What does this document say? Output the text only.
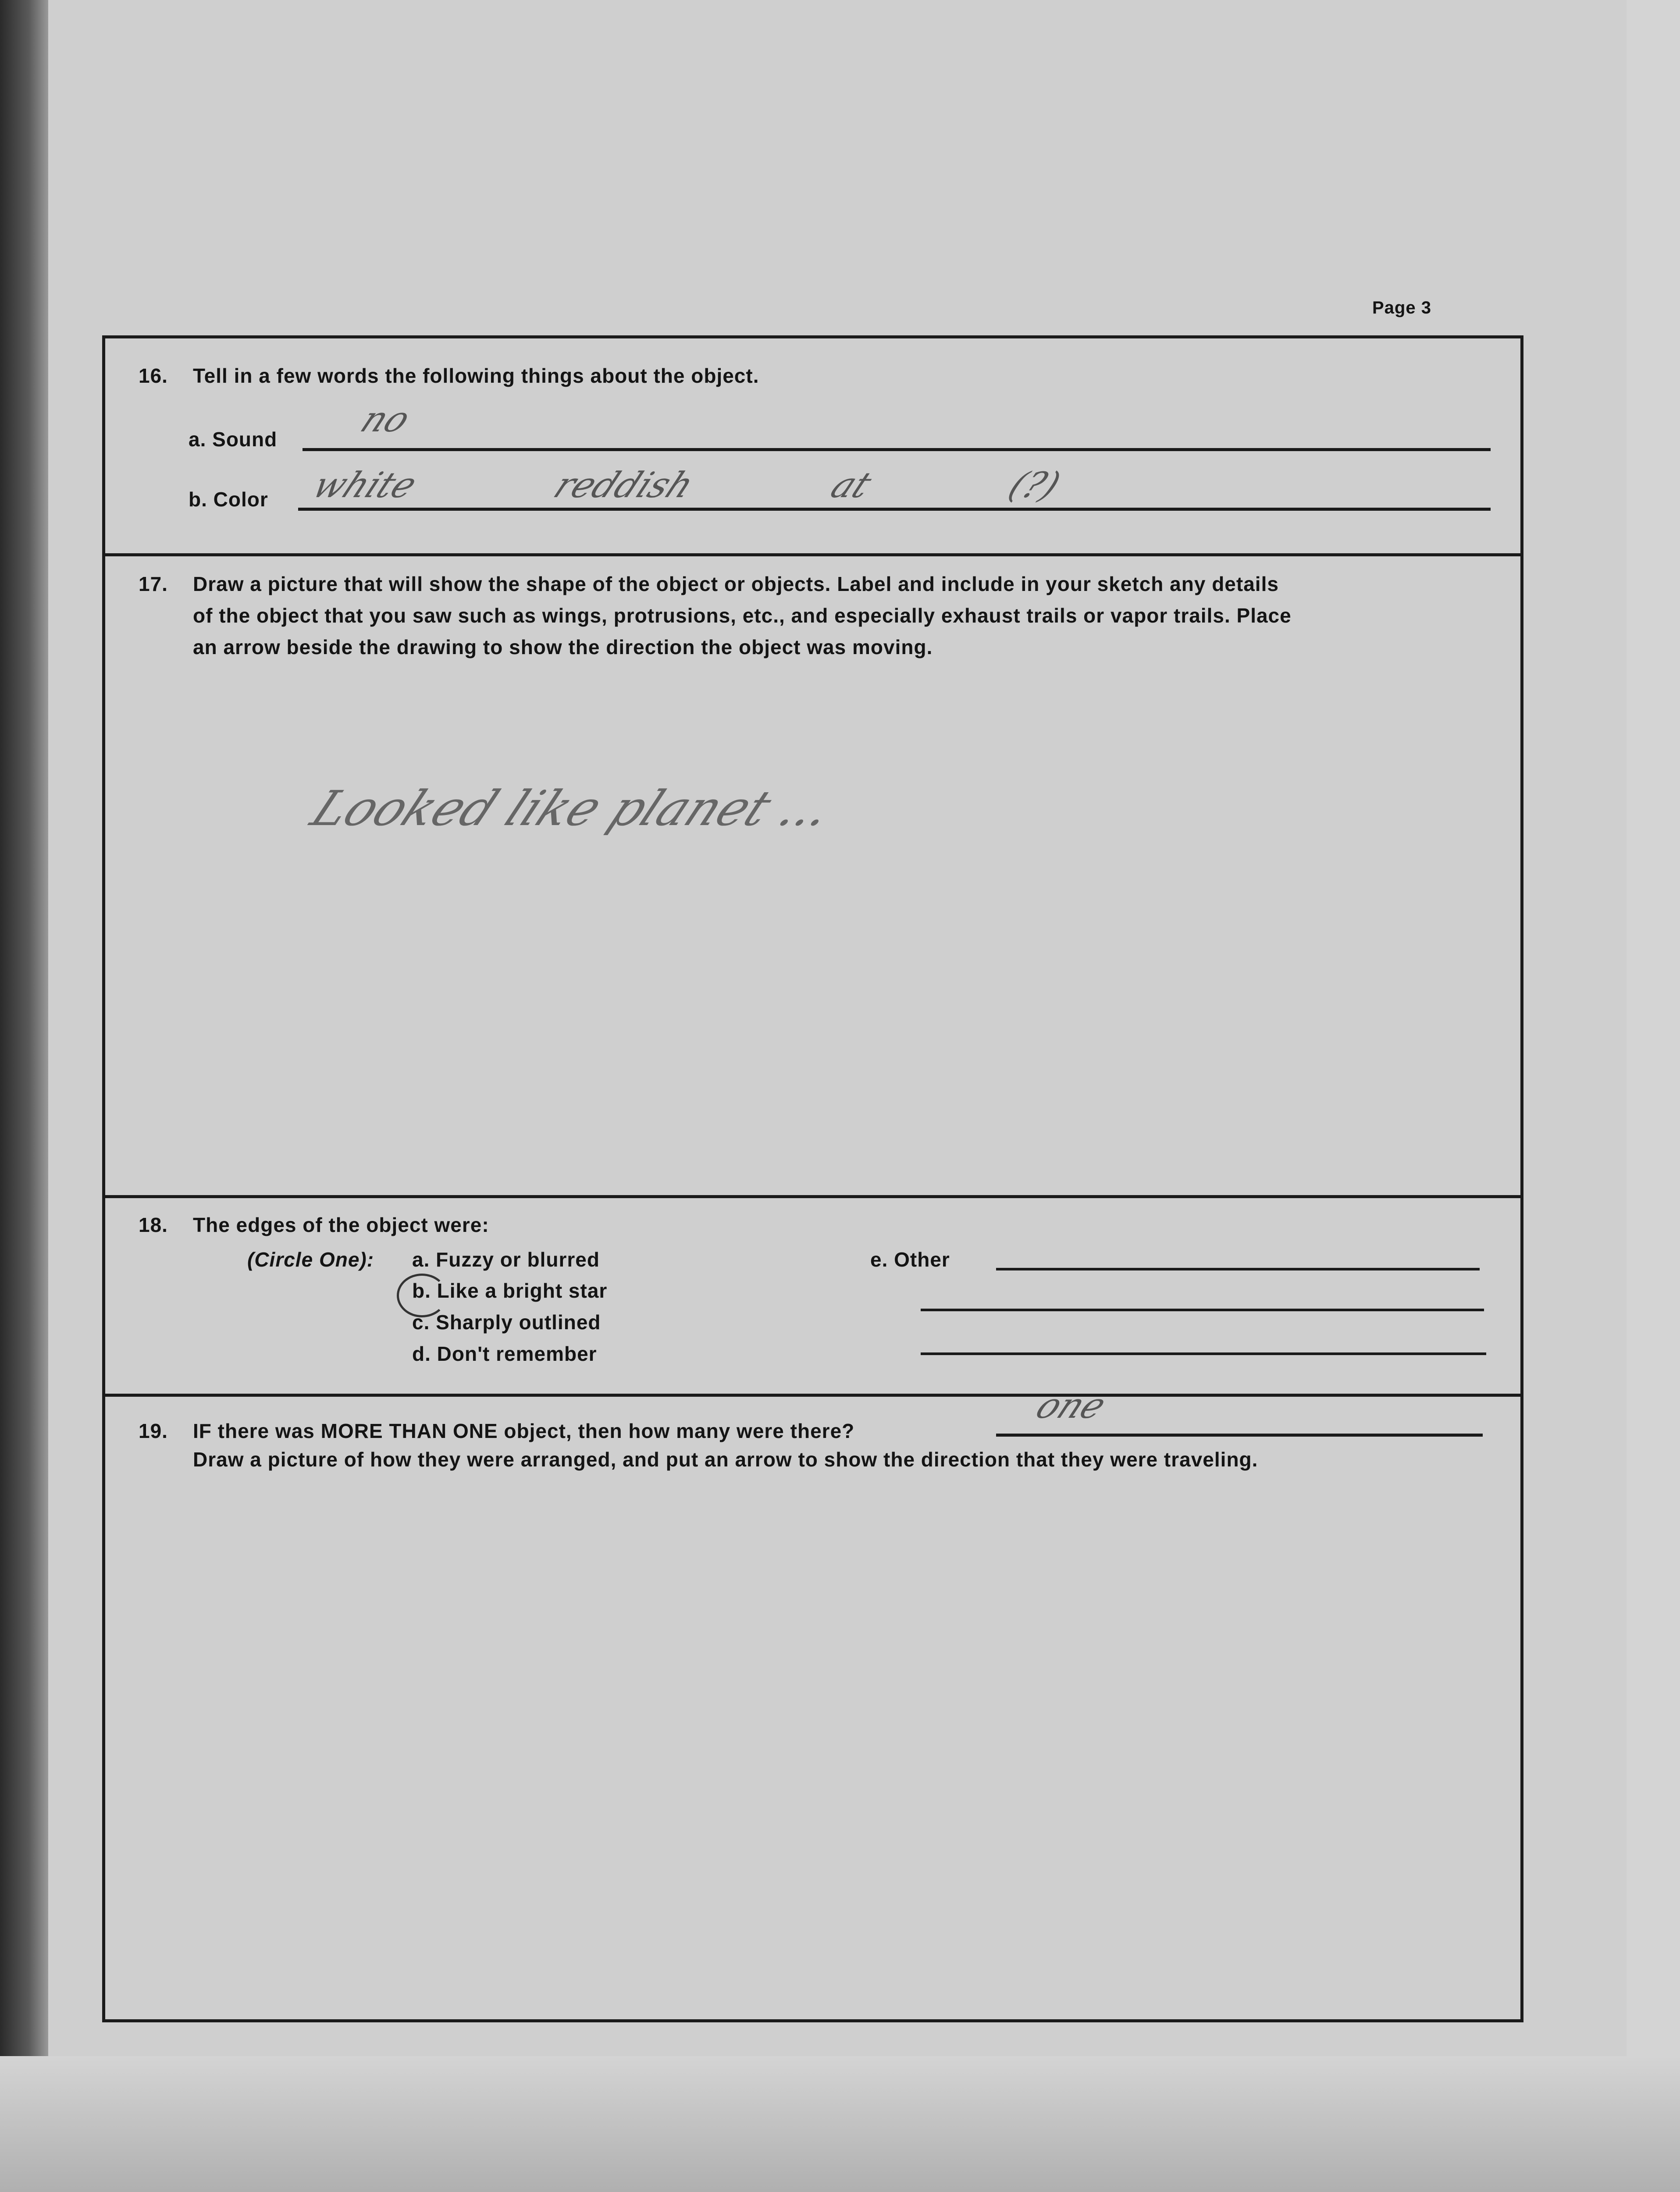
Page 3
16. Tell in a few words the following things about the object.
a. Sound no
b. Color white reddish at (?)
17. Draw a picture that will show the shape of the object or objects. Label and include in your sketch any details
of the object that you saw such as wings, protrusions, etc., and especially exhaust trails or vapor trails. Place
an arrow beside the drawing to show the direction the object was moving.
Looked like planet ...
18. The edges of the object were:
(Circle One): a. Fuzzy or blurred
b. Like a bright star
c. Sharply outlined
d. Don't remember
e. Other
19. IF there was MORE THAN ONE object, then how many were there?
one
Draw a picture of how they were arranged, and put an arrow to show the direction that they were traveling.
